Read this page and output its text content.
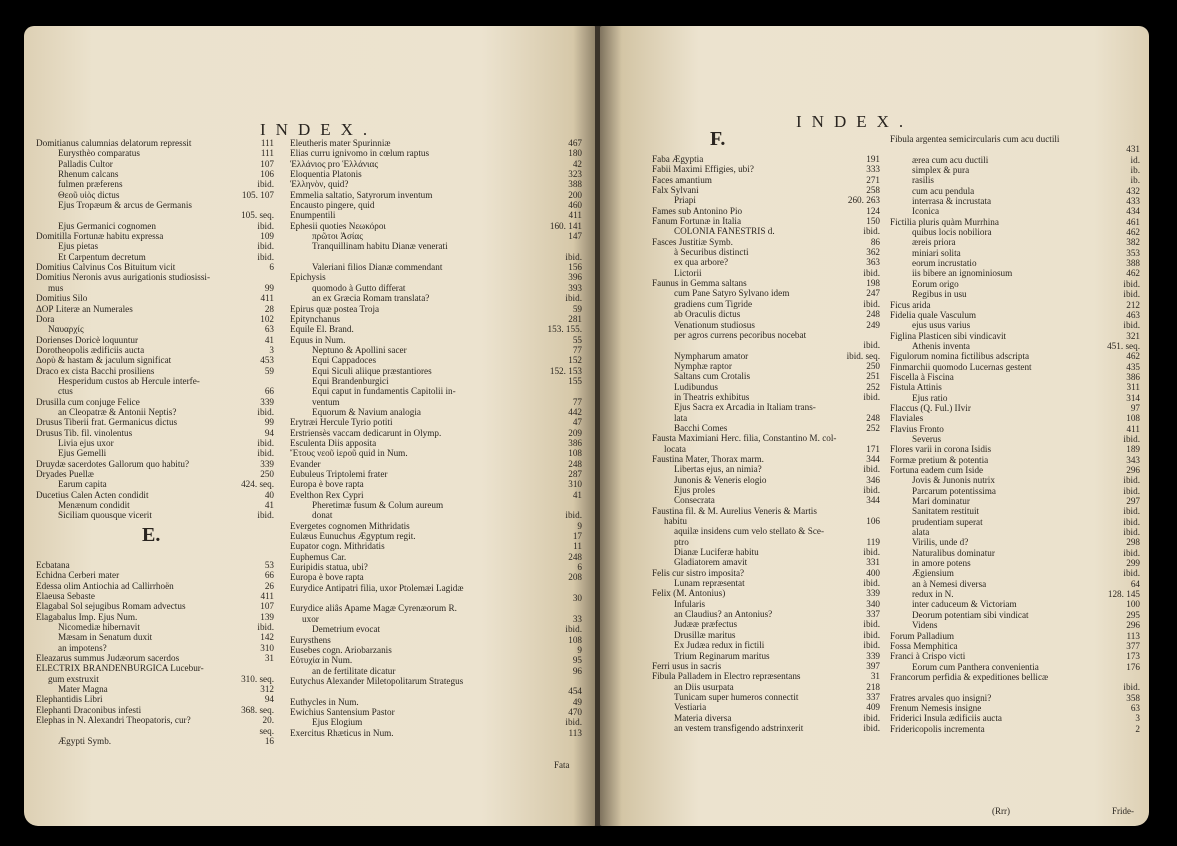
INDEX.
Domitianus calumnias delatorum repressit	111
Eurysthèo comparatus	111
Palladis Cultor	107
Rhenum calcans	106
fulmen præferens	ibid.
Θεοῦ υἱὸς dictus	105. 107
Ejus Tropæum & arcus de Germanis
105. seq.
Ejus Germanici cognomen	ibid.
Domitilla Fortunæ habitu expressa	109
Ejus pietas	ibid.
Et Carpentum decretum	ibid.
Domitius Calvinus Cos Bituitum vicit	6
Domitius Neronis avus aurigationis studiosissi-
mus	99
Domitius Silo	411
ΔΟΡ Literæ an Numerales	28
Dora	102
Ναυαρχίς	63
Dorienses Doricè loquuntur	41
Dorotheopolis ædificiis aucta	3
Δορὺ & hastam & jaculum significat	453
Draco ex cista Bacchi prosiliens	59
Hesperidum custos ab Hercule interfe-
ctus	66
Drusilla cum conjuge Felice	339
an Cleopatræ & Antonii Neptis?	ibid.
Drusus Tiberii frat. Germanicus dictus	99
Drusus Tib. fil. vinolentus	94
Livia ejus uxor	ibid.
Ejus Gemelli	ibid.
Druydæ sacerdotes Gallorum quo habitu?	339
Dryades Puellæ	250
Earum capita	424. seq.
Ducetius Calen Acten condidit	40
Menænum condidit	41
Siciliam quousque vicerit	ibid.
E.
Ecbatana	53
Echidna Cerberi mater	66
Edessa olim Antiochia ad Callirrhoën	26
Elaeusa Sebaste	411
Elagabal Sol sejugibus Romam advectus	107
Elagabalus Imp. Ejus Num.	139
Nicomediæ hibernavit	ibid.
Mæsam in Senatum duxit	142
an impotens?	310
Eleazarus summus Judæorum sacerdos	31
ELECTRIX BRANDENBURGICA Lucebur-
gum exstruxit	310. seq.
Mater Magna	312
Elephantidis Libri	94
Elephanti Draconibus infesti	368. seq.
Elephas in N. Alexandri Theopatoris, cur?	20.
seq.
Ægypti Symb.	16
Eleutheris mater Spurinniæ	467
Elias curru ignivomo in cœlum raptus	180
Ἑλλάνιος pro Ἑλλάνιας	42
Eloquentia Platonis	323
Ἑλληνὸν, quid?	388
Emmelia saltatio, Satyrorum inventum	200
Encausto pingere, quid	460
Enumpentili	411
Ephesii quoties Νεωκόροι	160. 141
πρῶτοι Ἀσίας	147
Tranquillinam habitu Dianæ venerati
ibid.
Valeriani filios Dianæ commendant	156
Epichysis	396
quomodo à Gutto differat	393
an ex Græcia Romam translata?	ibid.
Epirus quæ postea Troja	59
Epitynchanus	281
Equile El. Brand.	153. 155.
Equus in Num.	55
Neptuno & Apollini sacer	77
Equi Cappadoces	152
Equi Siculi aliique præstantiores	152. 153
Equi Brandenburgici	155
Equi caput in fundamentis Capitolii in-
ventum	77
Equorum & Navium analogia	442
Erytræi Hercule Tyrio potiti	47
Erstriensès vaccam dedicarunt in Olymp.	209
Esculenta Diis apposita	386
Ἔτους νεοῦ ἱεροῦ quid in Num.	108
Evander	248
Eubuleus Triptolemi frater	287
Europa è bove rapta	310
Evelthon Rex Cypri	41
Pheretimæ fusum & Colum aureum
donat	ibid.
Evergetes cognomen Mithridatis	9
Eulæus Eunuchus Ægyptum regit.	17
Eupator cogn. Mithridatis	11
Euphemus Car.	248
Euripidis statua, ubi?	6
Europa è bove rapta	208
Eurydice Antipatri filia, uxor Ptolemæi Lagidæ
30
Eurydice aliâs Apame Magæ Cyrenæorum R.
uxor	33
Demetrium evocat	ibid.
Eurysthens	108
Eusebes cogn. Ariobarzanis	9
Εὐτυχία in Num.	95
an de fertilitate dicatur	96
Eutychus Alexander Miletopolitarum Strategus
454
Euthycles in Num.	49
Ewichius Santensium Pastor	470
Ejus Elogium	ibid.
Exercitus Rhæticus in Num.	113
Fata
INDEX.
F.
Faba Ægyptia	191
Fabii Maximi Effigies, ubi?	333
Faces amantium	271
Falx Sylvani	258
Priapi	260. 263
Fames sub Antonino Pio	124
Fanum Fortunæ in Italia	150
COLONIA FANESTRIS d.	ibid.
Fasces Justitiæ Symb.	86
à Securibus distincti	362
ex qua arbore?	363
Lictorii	ibid.
Faunus in Gemma saltans	198
cum Pane Satyro Sylvano idem	247
gradiens cum Tigride	ibid.
ab Oraculis dictus	248
Venationum studiosus	249
per agros currens pecoribus nocebat
ibid.
Nympharum amator	ibid. seq.
Nymphæ raptor	250
Saltans cum Crotalis	251
Ludibundus	252
in Theatris exhibitus	ibid.
Ejus Sacra ex Arcadia in Italiam trans-
lata	248
Bacchi Comes	252
Fausta Maximiani Herc. filia, Constantino M. col-
locata	171
Faustina Mater, Thorax marm.	344
Libertas ejus, an nimia?	ibid.
Junonis & Veneris elogio	346
Ejus proles	ibid.
Consecrata	344
Faustina fil. & M. Aurelius Veneris & Martis
habitu	106
aquilæ insidens cum velo stellato & Sce-
ptro	119
Dianæ Luciferæ habitu	ibid.
Gladiatorem amavit	331
Felis cur sistro imposita?	400
Lunam repræsentat	ibid.
Felix (M. Antonius)	339
Infularis	340
an Claudius? an Antonius?	337
Judææ præfectus	ibid.
Drusillæ maritus	ibid.
Ex Judæa redux in fictili	ibid.
Trium Reginarum maritus	339
Ferri usus in sacris	397
Fibula Palladem in Electro repræsentans	31
an Diis usurpata	218
Tunicam super humeros connectit	337
Vestiaria	409
Materia diversa	ibid.
an vestem transfigendo adstrinxerit	ibid.
Fibula argentea semicircularis cum acu ductili
431
ærea cum acu ductili	id.
simplex & pura	ib.
rasilis	ib.
cum acu pendula	432
interrasa & incrustata	433
Iconica	434
Fictilia pluris quàm Murrhina	461
quibus locis nobiliora	462
æreis priora	382
miniari solita	353
eorum incrustatio	388
iis bibere an ignominiosum	462
Eorum origo	ibid.
Regibus in usu	ibid.
Ficus arida	212
Fidelia quale Vasculum	463
ejus usus varius	ibid.
Figlina Plasticen sibi vindicavit	321
Athenis inventa	451. seq.
Figulorum nomina fictilibus adscripta	462
Finmarchii quomodo Lucernas gestent	435
Fiscella à Fiscina	386
Fistula Attinis	311
Ejus ratio	314
Flaccus (Q. Ful.) IIvir	97
Flaviales	108
Flavius Fronto	411
Severus	ibid.
Flores varii in corona Isidis	189
Formæ pretium & potentia	343
Fortuna eadem cum Iside	296
Jovis & Junonis nutrix	ibid.
Parcarum potentissima	ibid.
Mari dominatur	297
Sanitatem restituit	ibid.
prudentiam superat	ibid.
alata	ibid.
Virilis, unde d?	298
Naturalibus dominatur	ibid.
in amore potens	299
Ægiensium	ibid.
an à Nemesi diversa	64
redux in N.	128. 145
inter caduceum & Victoriam	100
Deorum potentiam sibi vindicat	295
Videns	296
Forum Palladium	113
Fossa Memphitica	377
Franci à Crispo victi	173
Eorum cum Panthera convenientia	176
Francorum perfidia & expeditiones bellicæ
ibid.
Fratres arvales quo insigni?	358
Frenum Nemesis insigne	63
Friderici Insula ædificiis aucta	3
Fridericopolis incrementa	2
(Rrr)	Fride-
